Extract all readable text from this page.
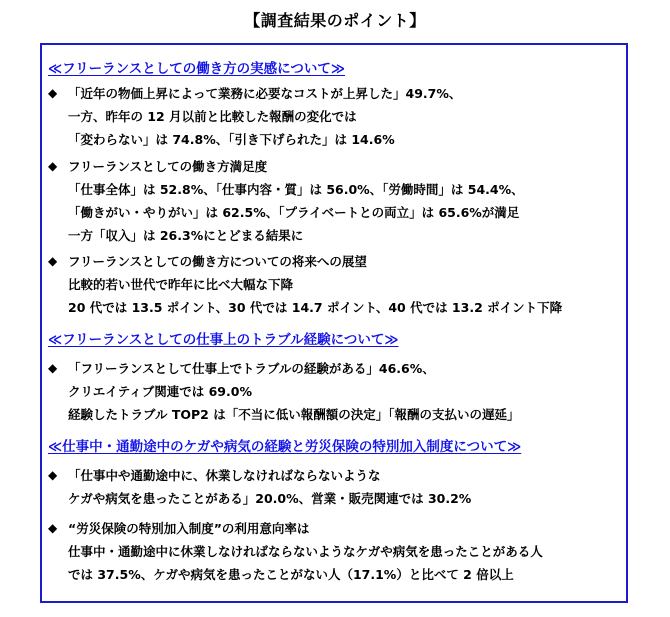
【調査結果のポイント】
≪フリーランスとしての働き方の実感について≫
◆ 「近年の物価上昇によって業務に必要なコストが上昇した」49.7%、
一方、昨年の 12 月以前と比較した報酬の変化では
「変わらない」は 74.8%、「引き下げられた」は 14.6%
◆ フリーランスとしての働き方満足度
「仕事全体」は 52.8%、「仕事内容・質」は 56.0%、「労働時間」は 54.4%、
「働きがい・やりがい」は 62.5%、「プライベートとの両立」は 65.6%が満足
一方「収入」は 26.3%にとどまる結果に
◆ フリーランスとしての働き方についての将来への展望
比較的若い世代で昨年に比べ大幅な下降
20 代では 13.5 ポイント、30 代では 14.7 ポイント、40 代では 13.2 ポイント下降
≪フリーランスとしての仕事上のトラブル経験について≫
◆ 「フリーランスとして仕事上でトラブルの経験がある」46.6%、
クリエイティブ関連では 69.0%
経験したトラブル TOP2 は「不当に低い報酬額の決定」「報酬の支払いの遅延」
≪仕事中・通勤途中のケガや病気の経験と労災保険の特別加入制度について≫
◆ 「仕事中や通勤途中に、休業しなければならないような
ケガや病気を患ったことがある」20.0%、営業・販売関連では 30.2%
◆ “労災保険の特別加入制度”の利用意向率は
仕事中・通勤途中に休業しなければならないようなケガや病気を患ったことがある人
では 37.5%、ケガや病気を患ったことがない人（17.1%）と比べて 2 倍以上
